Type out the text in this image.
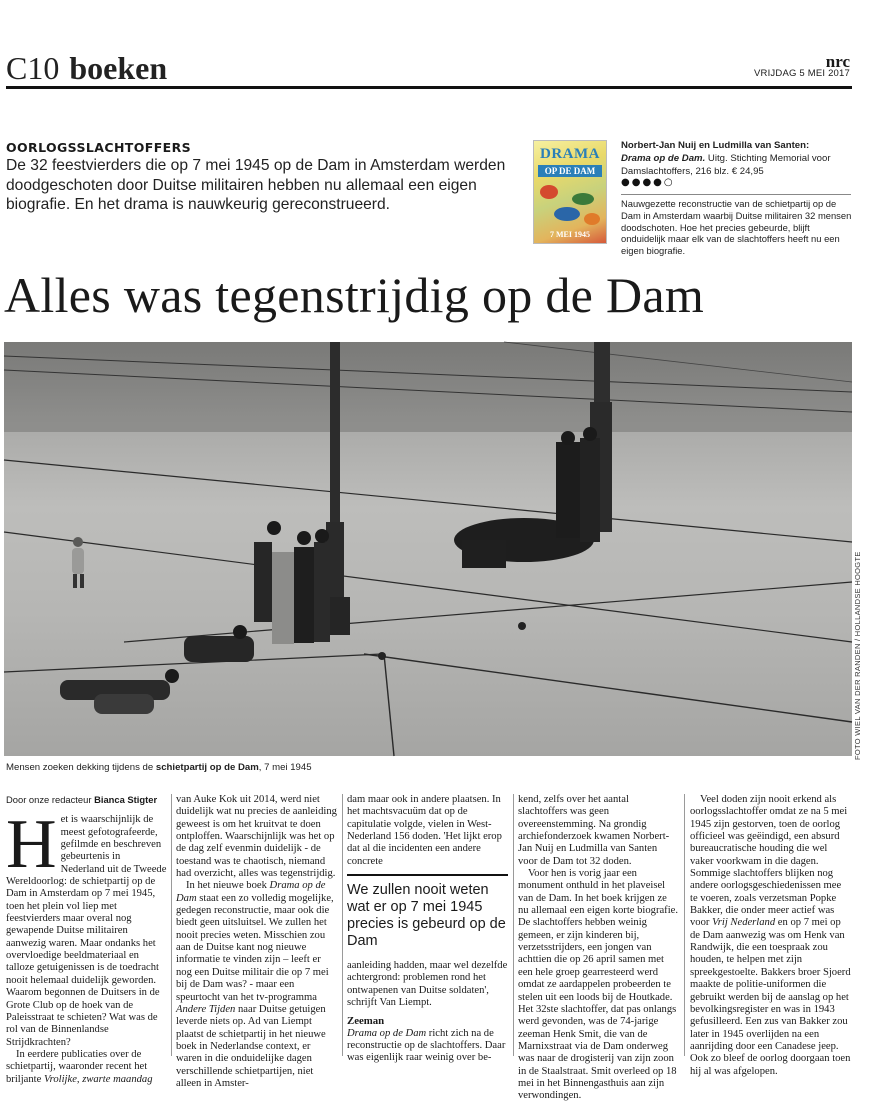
C10 boeken	nrc
VRIJDAG 5 MEI 2017
OORLOGSSLACHTOFFERS
De 32 feestvierders die op 7 mei 1945 op de Dam in Amsterdam werden doodgeschoten door Duitse militairen hebben nu allemaal een eigen biografie. En het drama is nauwkeurig gereconstrueerd.
DRAMA
OP DE DAM
7 MEI 1945
Norbert-Jan Nuij en Ludmilla van Santen:
Drama op de Dam. Uitg. Stichting Memorial voor Damslachtoffers, 216 blz. € 24,95
●●●●○
Nauwgezette reconstructie van de schietpartij op de Dam in Amsterdam waarbij Duitse militairen 32 mensen doodschoten. Hoe het precies gebeurde, blijft onduidelijk maar elk van de slachtoffers heeft nu een eigen biografie.
Alles was tegenstrijdig op de Dam
FOTO WIEL VAN DER RANDEN / HOLLANDSE HOOGTE
Mensen zoeken dekking tijdens de schietpartij op de Dam, 7 mei 1945
Door onze redacteur Bianca Stigter

Het is waarschijnlijk de meest gefotografeerde, gefilmde en beschreven gebeurtenis in Nederland uit de Tweede Wereldoorlog: de schietpartij op de Dam in Amsterdam op 7 mei 1945, toen het plein vol liep met feestvierders maar overal nog gewapende Duitse militairen aanwezig waren. Maar ondanks het overvloedige beeldmateriaal en talloze getuigenissen is de toedracht nooit helemaal duidelijk geworden. Waarom begonnen de Duitsers in de Grote Club op de hoek van de Paleisstraat te schieten? Wat was de rol van de Binnenlandse Strijdkrachten?

In eerdere publicaties over de schietpartij, waaronder recent het briljante Vrolijke, zwarte maandag

van Auke Kok uit 2014, werd niet duidelijk wat nu precies de aanleiding geweest is om het kruitvat te doen ontploffen. Waarschijnlijk was het op de dag zelf evenmin duidelijk - de toestand was te chaotisch, niemand had overzicht, alles was tegenstrijdig.

In het nieuwe boek Drama op de Dam staat een zo volledig mogelijke, gedegen reconstructie, maar ook die biedt geen uitsluitsel. We zullen het nooit precies weten. Misschien zou aan de Duitse kant nog nieuwe informatie te vinden zijn – leeft er nog een Duitse militair die op 7 mei bij de Dam was? - maar een speurtocht van het tv-programma Andere Tijden naar Duitse getuigen leverde niets op. Ad van Liempt plaatst de schietpartij in het nieuwe boek in Nederlandse context, er waren in die onduidelijke dagen verschillende schietpartijen, niet alleen in Amster-

dam maar ook in andere plaatsen. In het machtsvacuüm dat op de capitulatie volgde, vielen in West-Nederland 156 doden. 'Het lijkt erop dat al die incidenten een andere concrete

We zullen nooit weten wat er op 7 mei 1945 precies is gebeurd op de Dam

aanleiding hadden, maar wel dezelfde achtergrond: problemen rond het ontwapenen van Duitse soldaten', schrijft Van Liempt.

Zeeman

Drama op de Dam richt zich na de reconstructie op de slachtoffers. Daar was eigenlijk raar weinig over be-

kend, zelfs over het aantal slachtoffers was geen overeenstemming. Na grondig archiefonderzoek kwamen Norbert-Jan Nuij en Ludmilla van Santen voor de Dam tot 32 doden.

Voor hen is vorig jaar een monument onthuld in het plaveisel van de Dam. In het boek krijgen ze nu allemaal een eigen korte biografie. De slachtoffers hebben weinig gemeen, er zijn kinderen bij, verzetsstrijders, een jongen van achttien die op 26 april samen met een hele groep gearresteerd werd omdat ze aardappelen probeerden te stelen uit een loods bij de Houtkade. Het 32ste slachtoffer, dat pas onlangs werd gevonden, was de 74-jarige zeeman Henk Smit, die van de Marnixstraat via de Dam onderweg was naar de drogisterij van zijn zoon in de Staalstraat. Smit overleed op 18 mei in het Binnengasthuis aan zijn verwondingen.

Veel doden zijn nooit erkend als oorlogsslachtoffer omdat ze na 5 mei 1945 zijn gestorven, toen de oorlog officieel was geëindigd, een absurd bureaucratische houding die wel vaker voorkwam in die dagen. Sommige slachtoffers blijken nog andere oorlogsgeschiedenissen mee te voeren, zoals verzetsman Popke Bakker, die onder meer actief was voor Vrij Nederland en op 7 mei op de Dam aanwezig was om Henk van Randwijk, die een toespraak zou houden, te helpen met zijn spreekgestoelte. Bakkers broer Sjoerd maakte de politie-uniformen die gebruikt werden bij de aanslag op het bevolkingsregister en was in 1943 gefusilleerd. Een zus van Bakker zou later in 1945 overlijden na een aanrijding door een Canadese jeep. Ook zo bleef de oorlog doorgaan toen hij al was afgelopen.
